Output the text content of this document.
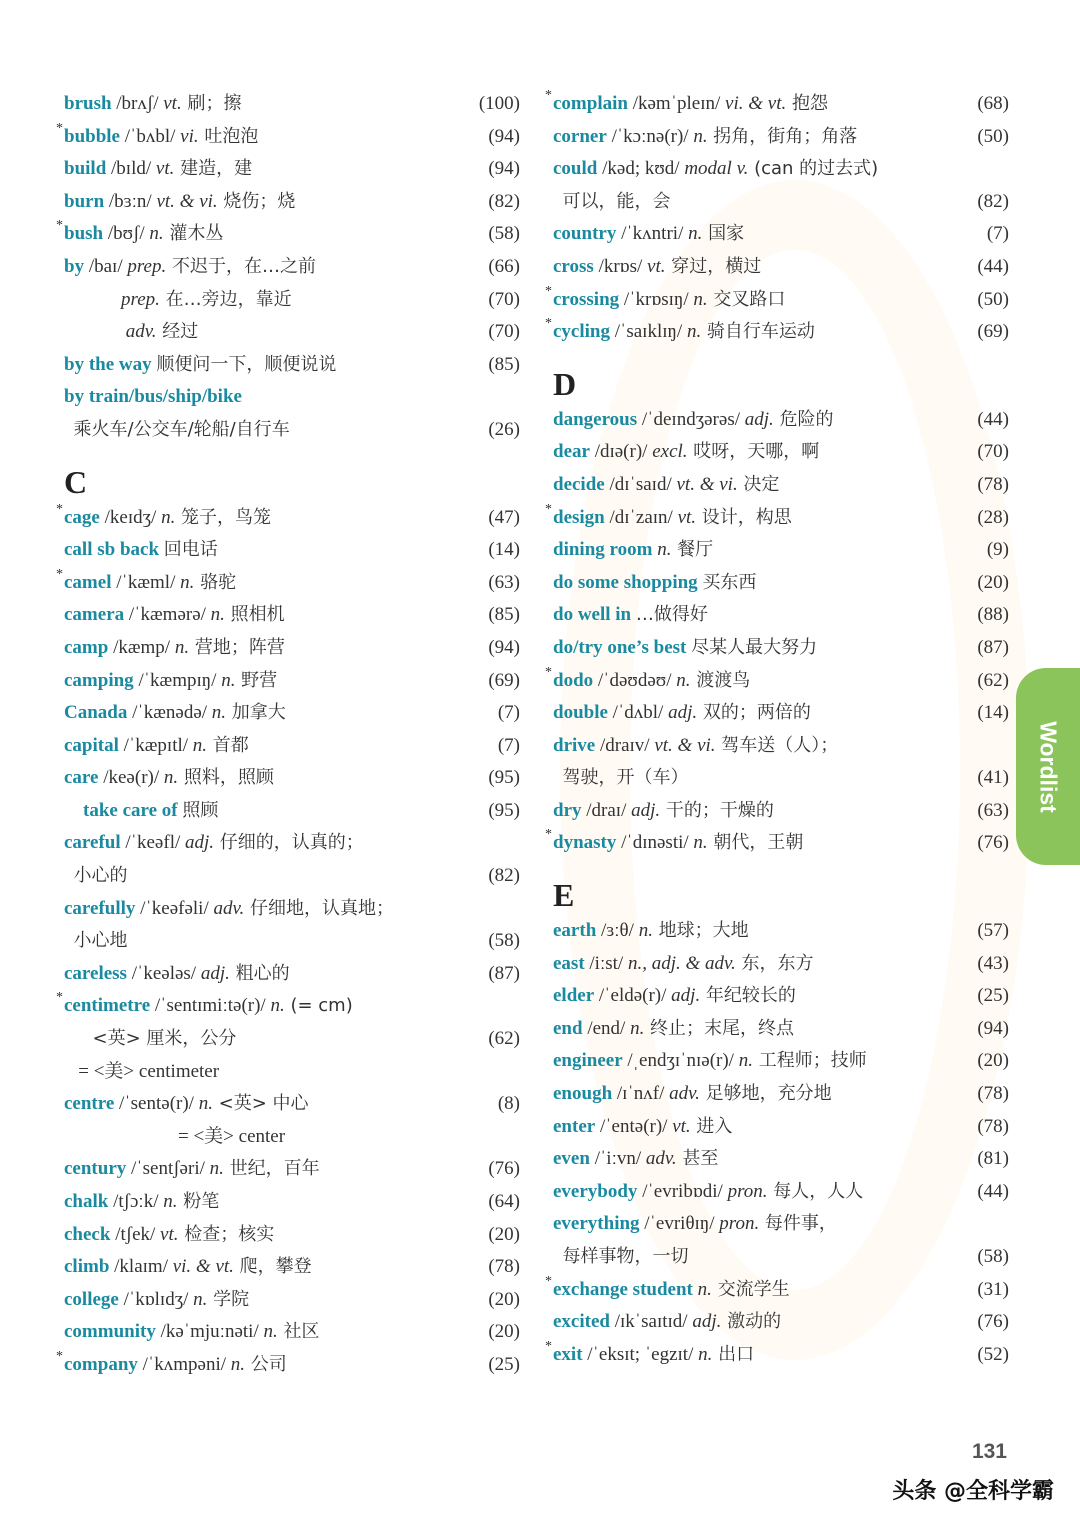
brush /brʌʃ/ vt. 刷；擦	(100)
* bubble /ˈbʌbl/ vi. 吐泡泡	(94)
build /bɪld/ vt. 建造，建	(94)
burn /bɜːn/ vt. & vi. 烧伤；烧	(82)
* bush /bʊʃ/ n. 灌木丛	(58)
by /baɪ/ prep. 不迟于，在…之前	(66)
prep. 在…旁边，靠近	(70)
adv. 经过	(70)
by the way 顺便问一下，顺便说说	(85)
by train/bus/ship/bike
乘火车/公交车/轮船/自行车	(26)
C
* cage /keɪdʒ/ n. 笼子，鸟笼	(47)
call sb back 回电话	(14)
* camel /ˈkæml/ n. 骆驼	(63)
camera /ˈkæmərə/ n. 照相机	(85)
camp /kæmp/ n. 营地；阵营	(94)
camping /ˈkæmpɪŋ/ n. 野营	(69)
Canada /ˈkænədə/ n. 加拿大	(7)
capital /ˈkæpɪtl/ n. 首都	(7)
care /keə(r)/ n. 照料，照顾	(95)
take care of 照顾	(95)
careful /ˈkeəfl/ adj. 仔细的，认真的；
小心的	(82)
carefully /ˈkeəfəli/ adv. 仔细地，认真地；
小心地	(58)
careless /ˈkeələs/ adj. 粗心的	(87)
* centimetre /ˈsentɪmiːtə(r)/ n. (= cm)
<英> 厘米，公分	(62)
= <美> centimeter
centre /ˈsentə(r)/ n. <英> 中心	(8)
= <美> center
century /ˈsentʃəri/ n. 世纪，百年	(76)
chalk /tʃɔːk/ n. 粉笔	(64)
check /tʃek/ vt. 检查；核实	(20)
climb /klaɪm/ vi. & vt. 爬，攀登	(78)
college /ˈkɒlɪdʒ/ n. 学院	(20)
community /kəˈmjuːnəti/ n. 社区	(20)
* company /ˈkʌmpəni/ n. 公司	(25)
* complain /kəmˈpleɪn/ vi. & vt. 抱怨	(68)
corner /ˈkɔːnə(r)/ n. 拐角，街角；角落	(50)
could /kəd; kʊd/ modal v. (can 的过去式)
可以，能，会	(82)
country /ˈkʌntri/ n. 国家	(7)
cross /krɒs/ vt. 穿过，横过	(44)
* crossing /ˈkrɒsɪŋ/ n. 交叉路口	(50)
* cycling /ˈsaɪklɪŋ/ n. 骑自行车运动	(69)
D
dangerous /ˈdeɪndʒərəs/ adj. 危险的	(44)
dear /dɪə(r)/ excl. 哎呀，天哪，啊	(70)
decide /dɪˈsaɪd/ vt. & vi. 决定	(78)
* design /dɪˈzaɪn/ vt. 设计，构思	(28)
dining room n. 餐厅	(9)
do some shopping 买东西	(20)
do well in …做得好	(88)
do/try one’s best 尽某人最大努力	(87)
* dodo /ˈdəʊdəʊ/ n. 渡渡鸟	(62)
double /ˈdʌbl/ adj. 双的；两倍的	(14)
drive /draɪv/ vt. & vi. 驾车送（人）；
驾驶，开（车）	(41)
dry /draɪ/ adj. 干的；干燥的	(63)
* dynasty /ˈdɪnəsti/ n. 朝代，王朝	(76)
E
earth /ɜːθ/ n. 地球；大地	(57)
east /iːst/ n., adj. & adv. 东，东方	(43)
elder /ˈeldə(r)/ adj. 年纪较长的	(25)
end /end/ n. 终止；末尾，终点	(94)
engineer /ˌendʒɪˈnɪə(r)/ n. 工程师；技师	(20)
enough /ɪˈnʌf/ adv. 足够地，充分地	(78)
enter /ˈentə(r)/ vt. 进入	(78)
even /ˈiːvn/ adv. 甚至	(81)
everybody /ˈevribɒdi/ pron. 每人，人人	(44)
everything /ˈevriθɪŋ/ pron. 每件事，
每样事物，一切	(58)
* exchange student n. 交流学生	(31)
excited /ɪkˈsaɪtɪd/ adj. 激动的	(76)
* exit /ˈeksɪt; ˈegzɪt/ n. 出口	(52)
Wordlist
131
头条 @全科学霸
